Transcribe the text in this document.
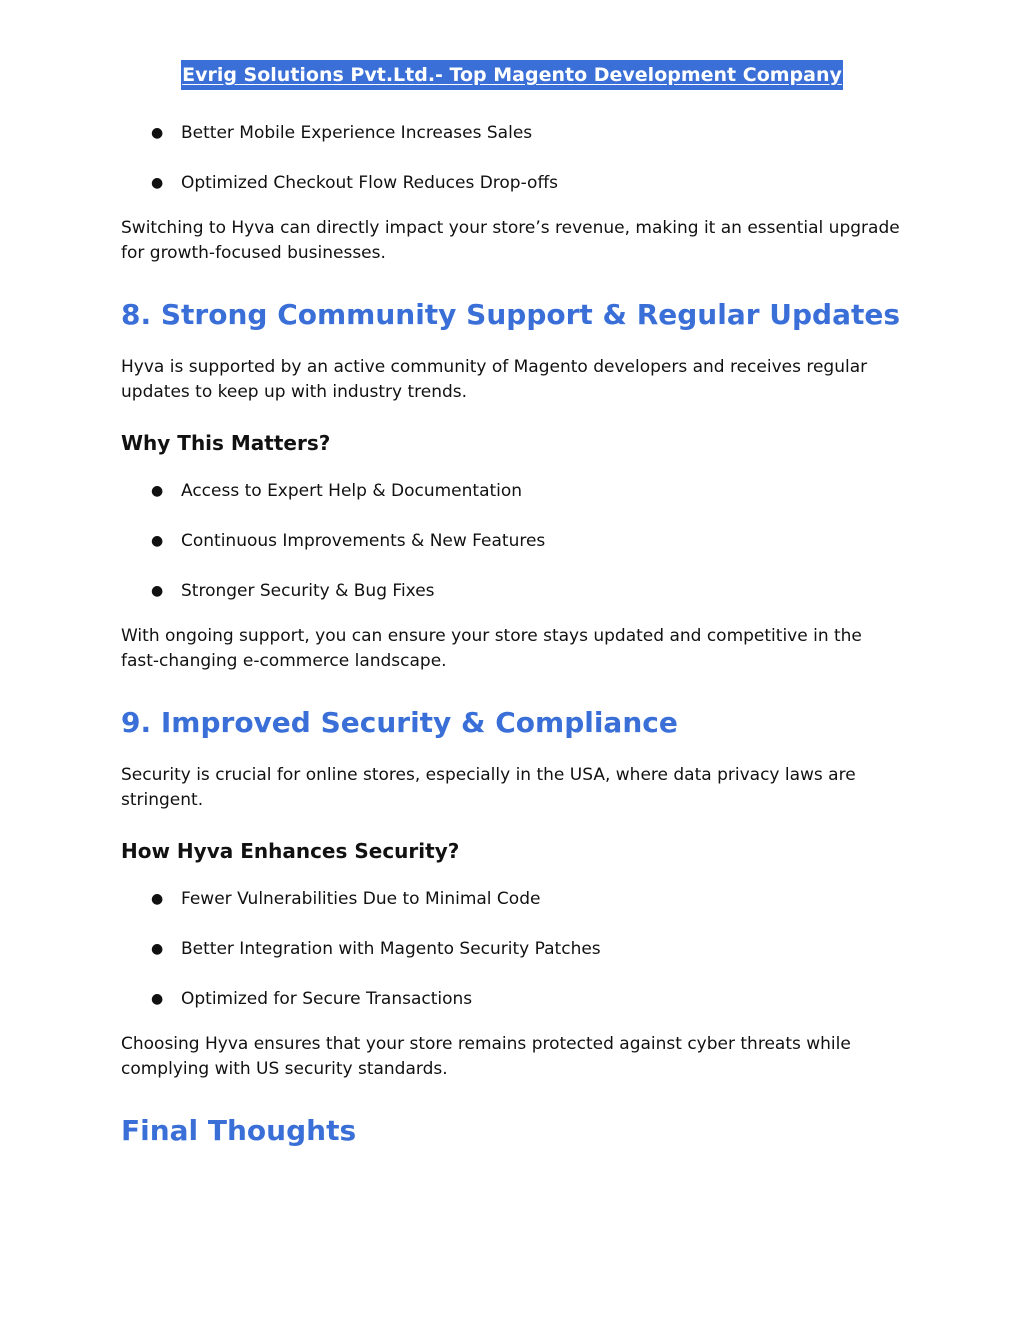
Evrig Solutions Pvt.Ltd.- Top Magento Development Company
● Better Mobile Experience Increases Sales
● Optimized Checkout Flow Reduces Drop-offs
Switching to Hyva can directly impact your store’s revenue, making it an essential upgrade for growth-focused businesses.
8. Strong Community Support & Regular Updates
Hyva is supported by an active community of Magento developers and receives regular updates to keep up with industry trends.
Why This Matters?
● Access to Expert Help & Documentation
● Continuous Improvements & New Features
● Stronger Security & Bug Fixes
With ongoing support, you can ensure your store stays updated and competitive in the fast-changing e-commerce landscape.
9. Improved Security & Compliance
Security is crucial for online stores, especially in the USA, where data privacy laws are stringent.
How Hyva Enhances Security?
● Fewer Vulnerabilities Due to Minimal Code
● Better Integration with Magento Security Patches
● Optimized for Secure Transactions
Choosing Hyva ensures that your store remains protected against cyber threats while complying with US security standards.
Final Thoughts
